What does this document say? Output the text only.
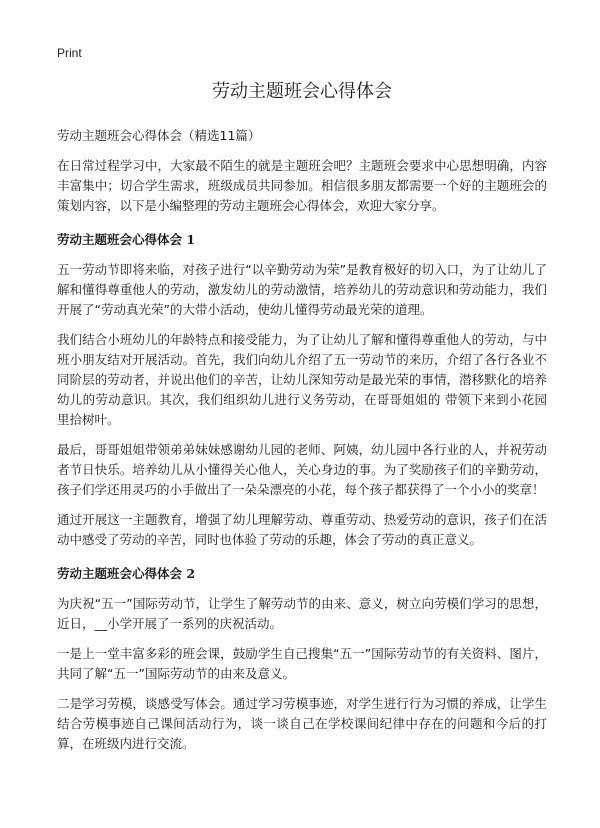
Print
劳动主题班会心得体会
劳动主题班会心得体会（精选11篇）

在日常过程学习中，大家最不陌生的就是主题班会吧？主题班会要求中心思想明确，内容丰富集中；切合学生需求，班级成员共同参加。相信很多朋友都需要一个好的主题班会的策划内容，以下是小编整理的劳动主题班会心得体会，欢迎大家分享。

劳动主题班会心得体会 1

五一劳动节即将来临，对孩子进行“以辛勤劳动为荣”是教育极好的切入口，为了让幼儿了解和懂得尊重他人的劳动，激发幼儿的劳动激情，培养幼儿的劳动意识和劳动能力，我们开展了“劳动真光荣”的大带小活动，使幼儿懂得劳动最光荣的道理。

我们结合小班幼儿的年龄特点和接受能力，为了让幼儿了解和懂得尊重他人的劳动，与中班小朋友结对开展活动。首先，我们向幼儿介绍了五一劳动节的来历，介绍了各行各业不同阶层的劳动者，并说出他们的辛苦，让幼儿深知劳动是最光荣的事情，潜移默化的培养幼儿的劳动意识。其次，我们组织幼儿进行义务劳动，在哥哥姐姐的 带领下来到小花园里拾树叶。

最后，哥哥姐姐带领弟弟妹妹感谢幼儿园的老师、阿姨，幼儿园中各行业的人，并祝劳动者节日快乐。培养幼儿从小懂得关心他人，关心身边的事。为了奖励孩子们的辛勤劳动，孩子们学还用灵巧的小手做出了一朵朵漂亮的小花，每个孩子都获得了一个小小的奖章！

通过开展这一主题教育，增强了幼儿理解劳动、尊重劳动、热爱劳动的意识，孩子们在活动中感受了劳动的辛苦，同时也体验了劳动的乐趣，体会了劳动的真正意义。

劳动主题班会心得体会 2

为庆祝“五一”国际劳动节，让学生了解劳动节的由来、意义，树立向劳模们学习的思想，近日，__小学开展了一系列的庆祝活动。

一是上一堂丰富多彩的班会课，鼓励学生自己搜集“五一”国际劳动节的有关资料、图片，共同了解“五一”国际劳动节的由来及意义。

二是学习劳模，谈感受写体会。通过学习劳模事迹，对学生进行行为习惯的养成，让学生结合劳模事迹自己课间活动行为，谈一谈自己在学校课间纪律中存在的问题和今后的打算，在班级内进行交流。
